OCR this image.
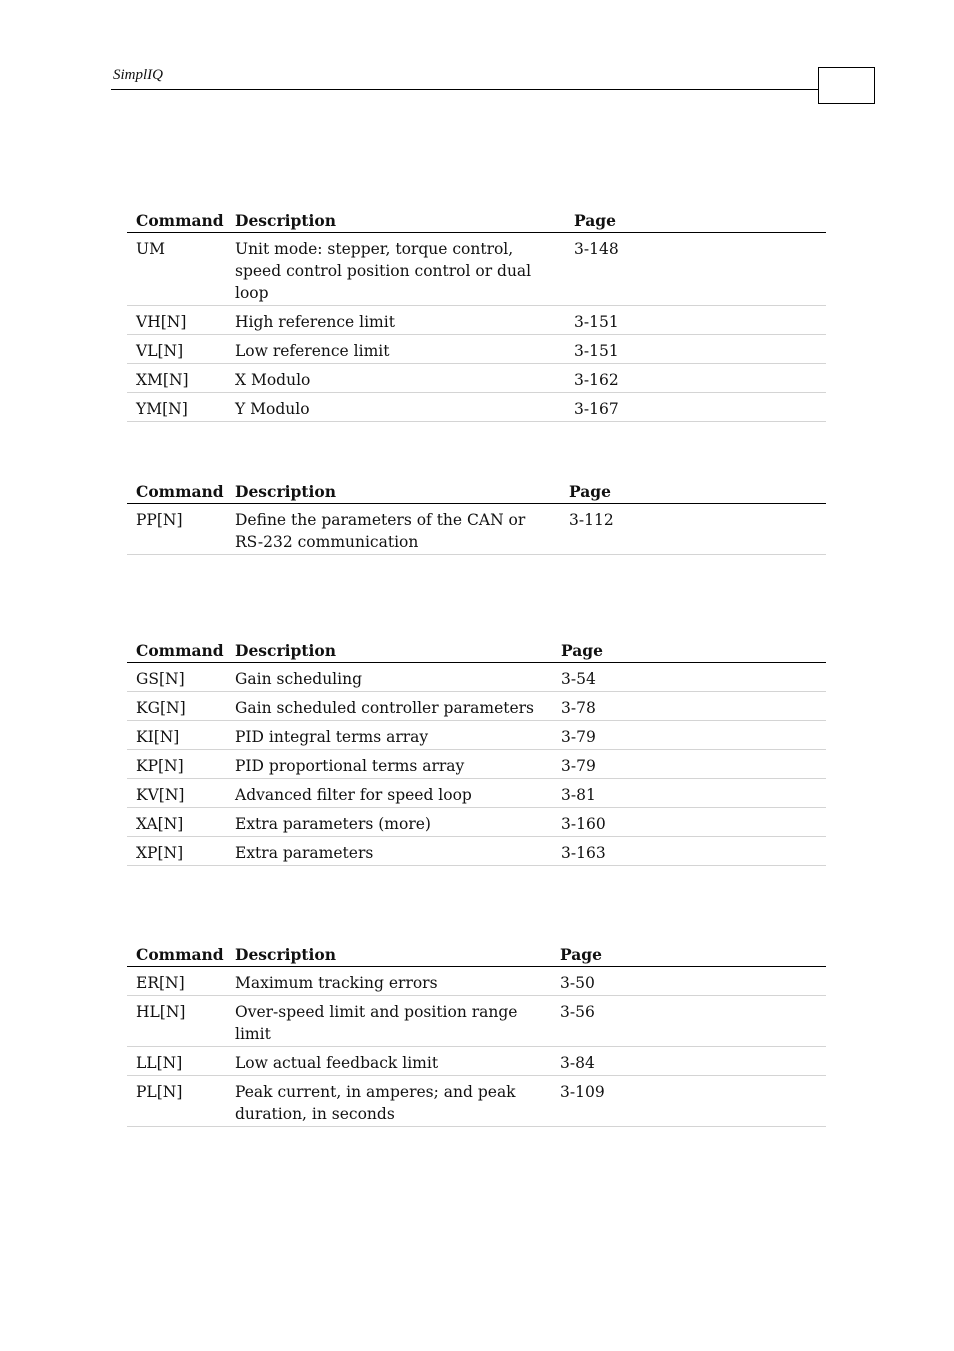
SimplIQ
Command	Description	Page
UM	Unit mode: stepper, torque control, speed control position control or dual loop	3-148
VH[N]	High reference limit	3-151
VL[N]	Low reference limit	3-151
XM[N]	X Modulo	3-162
YM[N]	Y Modulo	3-167
Command	Description	Page
PP[N]	Define the parameters of the CAN or RS-232 communication	3-112
Command	Description	Page
GS[N]	Gain scheduling	3-54
KG[N]	Gain scheduled controller parameters	3-78
KI[N]	PID integral terms array	3-79
KP[N]	PID proportional terms array	3-79
KV[N]	Advanced filter for speed loop	3-81
XA[N]	Extra parameters (more)	3-160
XP[N]	Extra parameters	3-163
Command	Description	Page
ER[N]	Maximum tracking errors	3-50
HL[N]	Over-speed limit and position range limit	3-56
LL[N]	Low actual feedback limit	3-84
PL[N]	Peak current, in amperes; and peak duration, in seconds	3-109
